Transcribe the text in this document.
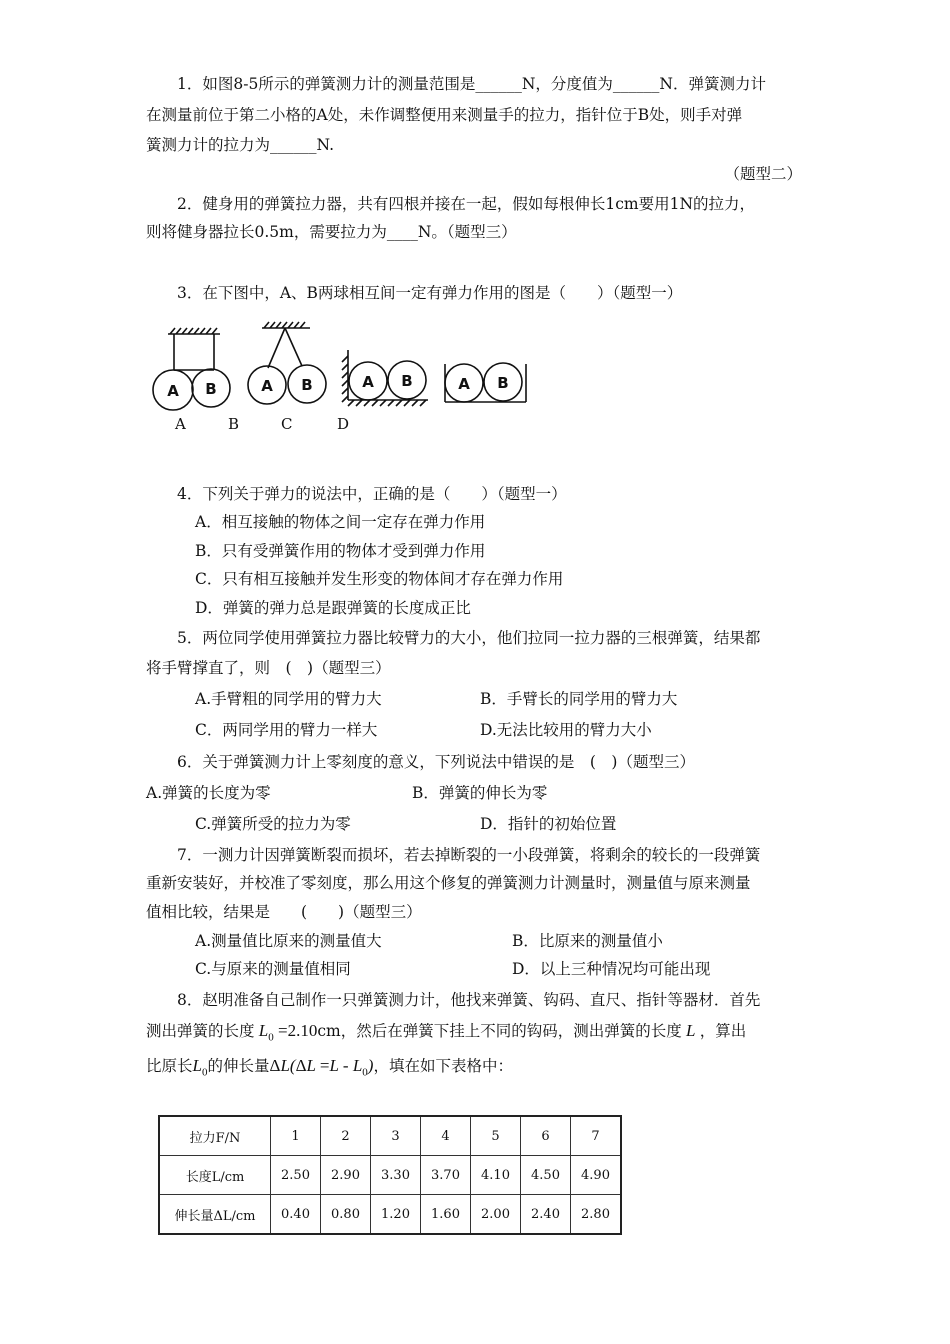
1．如图8-5所示的弹簧测力计的测量范围是______N，分度值为______N．弹簧测力计
在测量前位于第二小格的A处，未作调整便用来测量手的拉力，指针位于B处，则手对弹
簧测力计的拉力为______N.
（题型二）
2．健身用的弹簧拉力器，共有四根并接在一起，假如每根伸长1cm要用1N的拉力，
则将健身器拉长0.5m，需要拉力为____N。（题型三）
3．在下图中，A、B两球相互间一定有弹力作用的图是（　　）（题型一）
A B	A B	A B	A B
A	B	C	D
4．下列关于弹力的说法中，正确的是（　　）（题型一）
A．相互接触的物体之间一定存在弹力作用
B．只有受弹簧作用的物体才受到弹力作用
C．只有相互接触并发生形变的物体间才存在弹力作用
D．弹簧的弹力总是跟弹簧的长度成正比
5．两位同学使用弹簧拉力器比较臂力的大小，他们拉同一拉力器的三根弹簧，结果都
将手臂撑直了，则　(　)（题型三）
A.手臂粗的同学用的臂力大	B．手臂长的同学用的臂力大
C．两同学用的臂力一样大	D.无法比较用的臂力大小
6．关于弹簧测力计上零刻度的意义，下列说法中错误的是　(　)（题型三）
A.弹簧的长度为零	B．弹簧的伸长为零
C.弹簧所受的拉力为零	D．指针的初始位置
7．一测力计因弹簧断裂而损坏，若去掉断裂的一小段弹簧，将剩余的较长的一段弹簧
重新安装好，并校准了零刻度，那么用这个修复的弹簧测力计测量时，测量值与原来测量
值相比较，结果是　　(　　)（题型三）
A.测量值比原来的测量值大	B．比原来的测量值小
C.与原来的测量值相同	D．以上三种情况均可能出现
8．赵明准备自己制作一只弹簧测力计，他找来弹簧、钩码、直尺、指针等器材．首先
测出弹簧的长度 $L_0 =2.10cm$，然后在弹簧下挂上不同的钩码，测出弹簧的长度 L ，算出
比原长$L_0$的伸长量$\Delta L(\Delta L =L - L_0)$，填在如下表格中：
拉力F/N	1	2	3	4	5	6	7
长度L/cm	2.50	2.90	3.30	3.70	4.10	4.50	4.90
伸长量ΔL/cm	0.40	0.80	1.20	1.60	2.00	2.40	2.80
